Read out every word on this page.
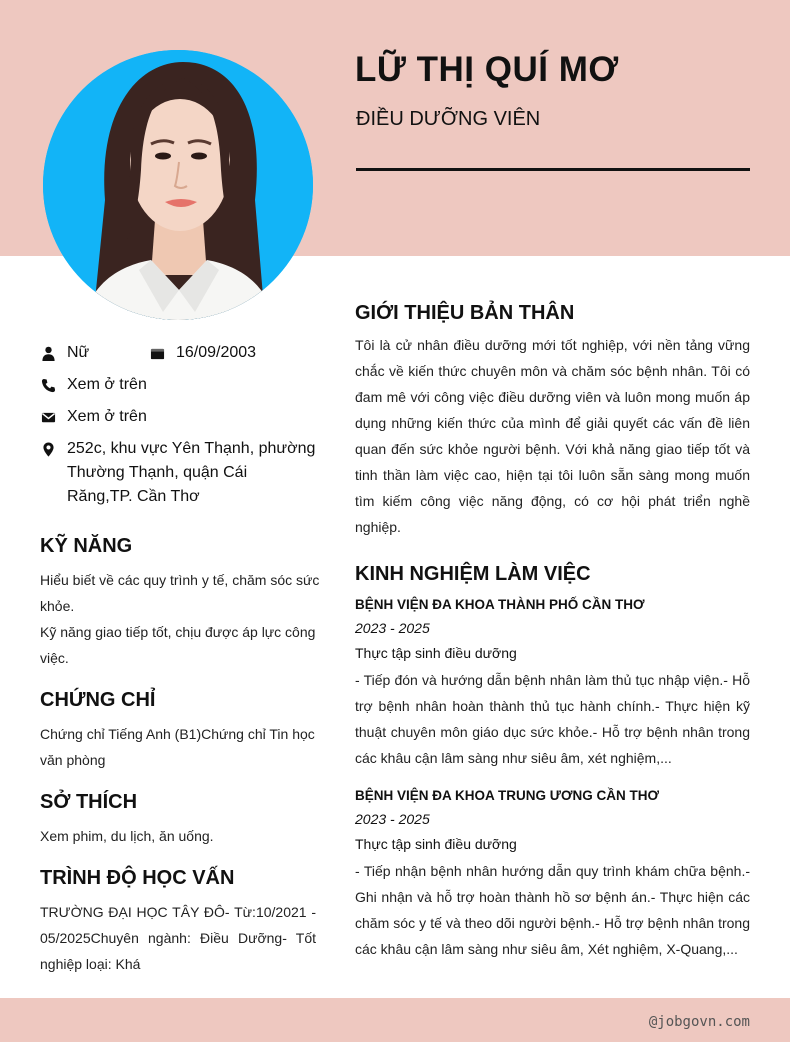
LỮ THỊ QUÍ MƠ
ĐIỀU DƯỠNG VIÊN
Nữ	16/09/2003
Xem ở trên
Xem ở trên
252c, khu vực Yên Thạnh, phường Thường Thạnh, quận Cái Răng,TP. Cần Thơ
KỸ NĂNG
Hiểu biết về các quy trình y tế, chăm sóc sức khỏe.
Kỹ năng giao tiếp tốt, chịu được áp lực công việc.
CHỨNG CHỈ
Chứng chỉ Tiếng Anh (B1)Chứng chỉ Tin học văn phòng
SỞ THÍCH
Xem phim, du lịch, ăn uống.
TRÌNH ĐỘ HỌC VẤN
TRƯỜNG ĐẠI HỌC TÂY ĐÔ- Từ:10/2021 - 05/2025Chuyên ngành: Điều Dưỡng- Tốt nghiệp loại: Khá
GIỚI THIỆU BẢN THÂN
Tôi là cử nhân điều dưỡng mới tốt nghiệp, với nền tảng vững chắc về kiến thức chuyên môn và chăm sóc bệnh nhân. Tôi có đam mê với công việc điều dưỡng viên và luôn mong muốn áp dụng những kiến thức của mình để giải quyết các vấn đề liên quan đến sức khỏe người bệnh. Với khả năng giao tiếp tốt và tinh thần làm việc cao, hiện tại tôi luôn sẵn sàng mong muốn tìm kiếm công việc năng động, có cơ hội phát triển nghề nghiệp.
KINH NGHIỆM LÀM VIỆC
BỆNH VIỆN ĐA KHOA THÀNH PHỐ CẦN THƠ
2023 - 2025
Thực tập sinh điều dưỡng
- Tiếp đón và hướng dẫn bệnh nhân làm thủ tục nhập viện.- Hỗ trợ bệnh nhân hoàn thành thủ tục hành chính.- Thực hiện kỹ thuật chuyên môn giáo dục sức khỏe.- Hỗ trợ bệnh nhân trong các khâu cận lâm sàng như siêu âm, xét nghiệm,...
BỆNH VIỆN ĐA KHOA TRUNG ƯƠNG CẦN THƠ
2023 - 2025
Thực tập sinh điều dưỡng
- Tiếp nhận bệnh nhân hướng dẫn quy trình khám chữa bệnh.- Ghi nhận và hỗ trợ hoàn thành hồ sơ bệnh án.- Thực hiện các chăm sóc y tế và theo dõi người bệnh.- Hỗ trợ bệnh nhân trong các khâu cận lâm sàng như siêu âm, Xét nghiệm, X-Quang,...
@jobgovn.com
